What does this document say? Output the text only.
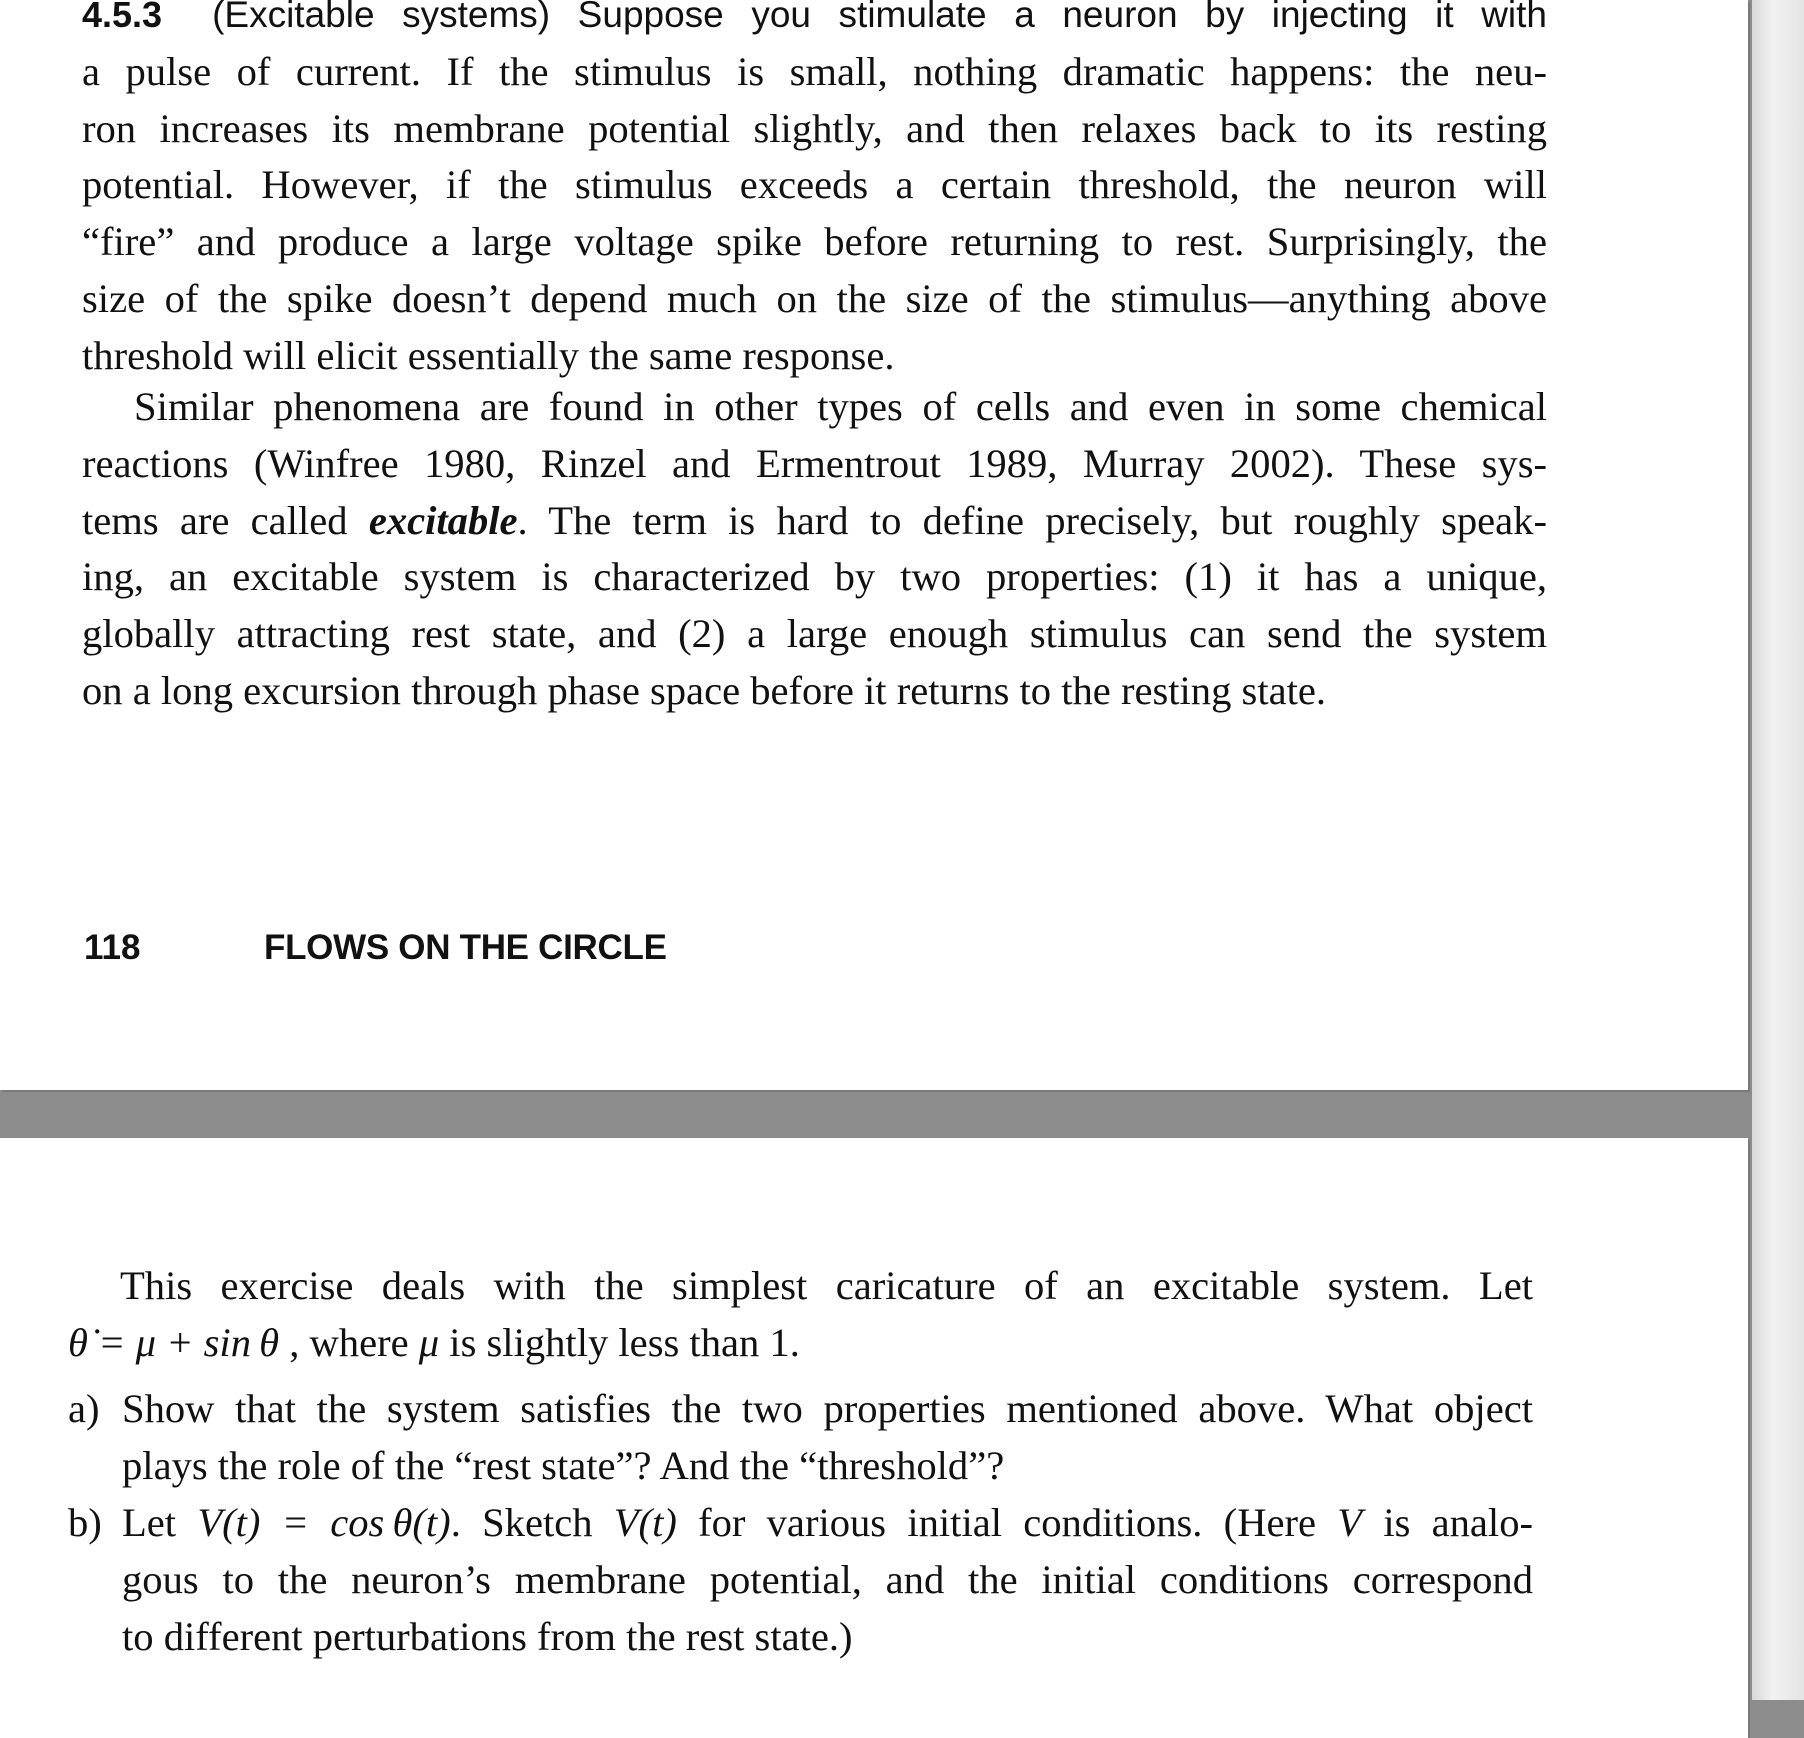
4.5.3 (Excitable systems) Suppose you stimulate a neuron by injecting it with
a pulse of current. If the stimulus is small, nothing dramatic happens: the neu-
ron increases its membrane potential slightly, and then relaxes back to its resting
potential. However, if the stimulus exceeds a certain threshold, the neuron will
“fire” and produce a large voltage spike before returning to rest. Surprisingly, the
size of the spike doesn’t depend much on the size of the stimulus—anything above
threshold will elicit essentially the same response.
Similar phenomena are found in other types of cells and even in some chemical
reactions (Winfree 1980, Rinzel and Ermentrout 1989, Murray 2002). These sys-
tems are called excitable. The term is hard to define precisely, but roughly speak-
ing, an excitable system is characterized by two properties: (1) it has a unique,
globally attracting rest state, and (2) a large enough stimulus can send the system
on a long excursion through phase space before it returns to the resting state.
118	FLOWS ON THE CIRCLE
This exercise deals with the simplest caricature of an excitable system. Let
θ̇ = μ + sin θ , where μ is slightly less than 1.
a) Show that the system satisfies the two properties mentioned above. What object
plays the role of the “rest state”? And the “threshold”?
b) Let V(t) = cos θ(t). Sketch V(t) for various initial conditions. (Here V is analo-
gous to the neuron’s membrane potential, and the initial conditions correspond
to different perturbations from the rest state.)
